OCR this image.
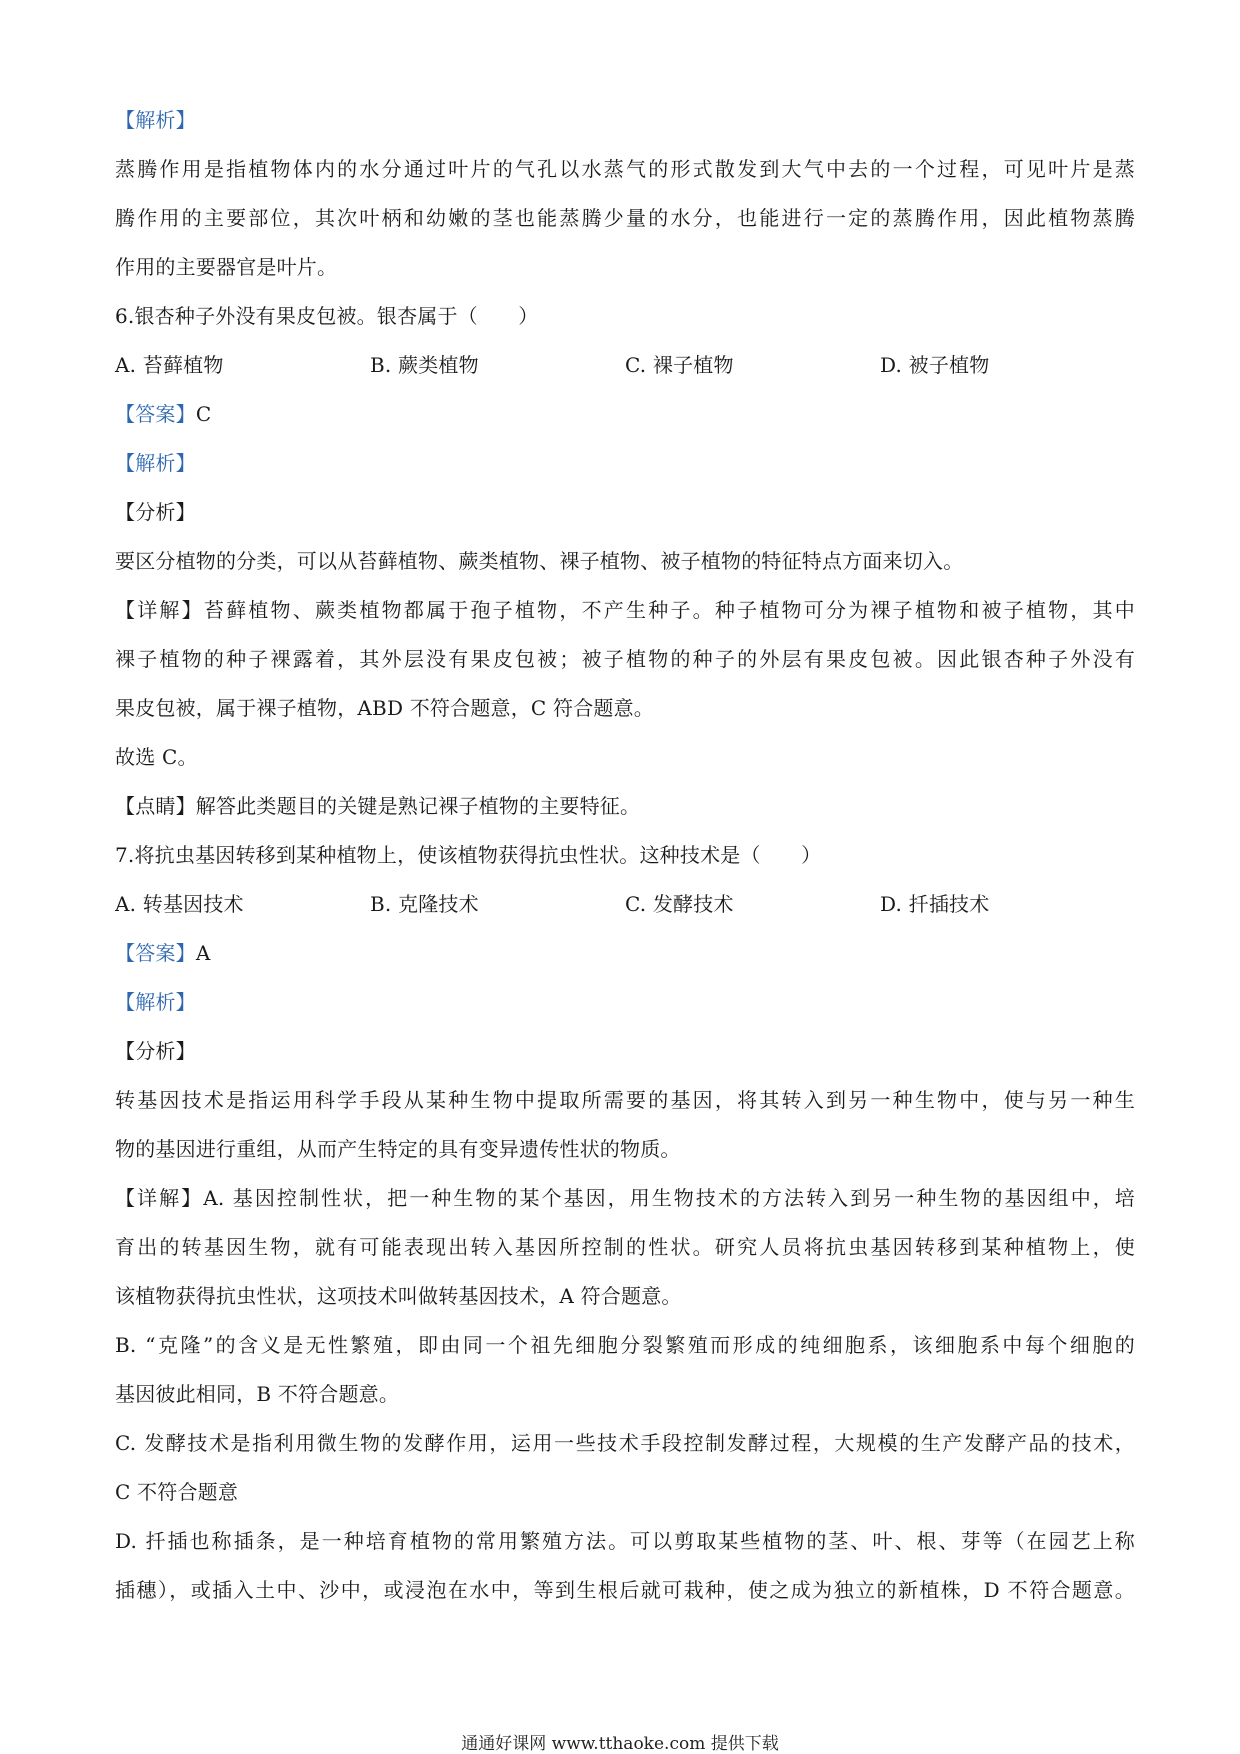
【解析】
蒸腾作用是指植物体内的水分通过叶片的气孔以水蒸气的形式散发到大气中去的一个过程，可见叶片是蒸
腾作用的主要部位，其次叶柄和幼嫩的茎也能蒸腾少量的水分，也能进行一定的蒸腾作用，因此植物蒸腾
作用的主要器官是叶片。
6.银杏种子外没有果皮包被。银杏属于（　　）
A. 苔藓植物	B. 蕨类植物	C. 裸子植物	D. 被子植物
【答案】C
【解析】
【分析】
要区分植物的分类，可以从苔藓植物、蕨类植物、裸子植物、被子植物的特征特点方面来切入。
【详解】苔藓植物、蕨类植物都属于孢子植物，不产生种子。种子植物可分为裸子植物和被子植物，其中
裸子植物的种子裸露着，其外层没有果皮包被；被子植物的种子的外层有果皮包被。因此银杏种子外没有
果皮包被，属于裸子植物，ABD 不符合题意，C 符合题意。
故选 C。
【点睛】解答此类题目的关键是熟记裸子植物的主要特征。
7.将抗虫基因转移到某种植物上，使该植物获得抗虫性状。这种技术是（　　）
A. 转基因技术	B. 克隆技术	C. 发酵技术	D. 扦插技术
【答案】A
【解析】
【分析】
转基因技术是指运用科学手段从某种生物中提取所需要的基因，将其转入到另一种生物中，使与另一种生
物的基因进行重组，从而产生特定的具有变异遗传性状的物质。
【详解】A. 基因控制性状，把一种生物的某个基因，用生物技术的方法转入到另一种生物的基因组中，培
育出的转基因生物，就有可能表现出转入基因所控制的性状。研究人员将抗虫基因转移到某种植物上，使
该植物获得抗虫性状，这项技术叫做转基因技术，A 符合题意。
B. “克隆”的含义是无性繁殖，即由同一个祖先细胞分裂繁殖而形成的纯细胞系，该细胞系中每个细胞的
基因彼此相同，B 不符合题意。
C. 发酵技术是指利用微生物的发酵作用，运用一些技术手段控制发酵过程，大规模的生产发酵产品的技术，
C 不符合题意
D. 扦插也称插条，是一种培育植物的常用繁殖方法。可以剪取某些植物的茎、叶、根、芽等（在园艺上称
插穗），或插入土中、沙中，或浸泡在水中，等到生根后就可栽种，使之成为独立的新植株，D 不符合题意。
通通好课网 www.tthaoke.com 提供下载
